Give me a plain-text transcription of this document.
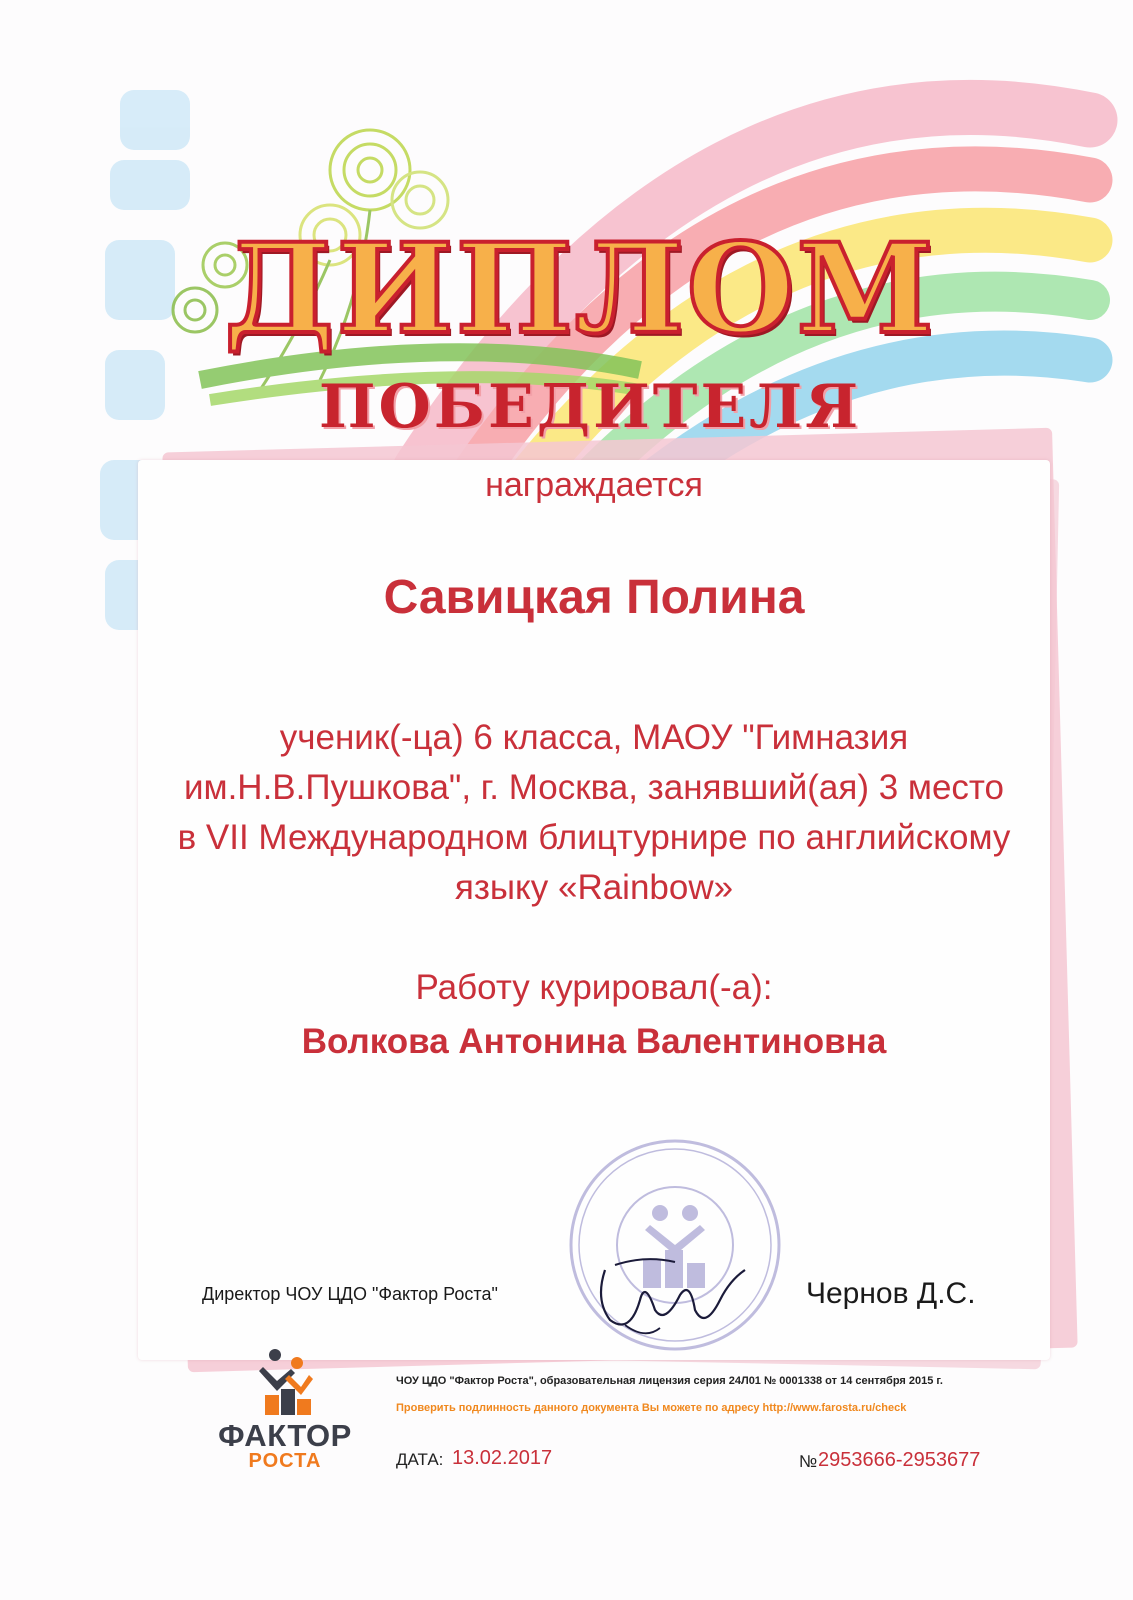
ДИПЛОМ
ПОБЕДИТЕЛЯ
награждается
Савицкая Полина
ученик(-ца) 6 класса, МАОУ "Гимназия
им.Н.В.Пушкова", г. Москва, занявший(ая) 3 место
в VII Международном блицтурнире по английскому
языку «Rainbow»
Работу курировал(-а):
Волкова Антонина Валентиновна
Директор ЧОУ ЦДО "Фактор Роста"	Чернов Д.С.
ФАКТОР
РОСТА
ЧОУ ЦДО "Фактор Роста", образовательная лицензия серия 24Л01 № 0001338 от 14 сентября 2015 г.
Проверить подлинность данного документа Вы можете по адресу http://www.farosta.ru/check
ДАТА: 13.02.2017	№ 2953666-2953677
